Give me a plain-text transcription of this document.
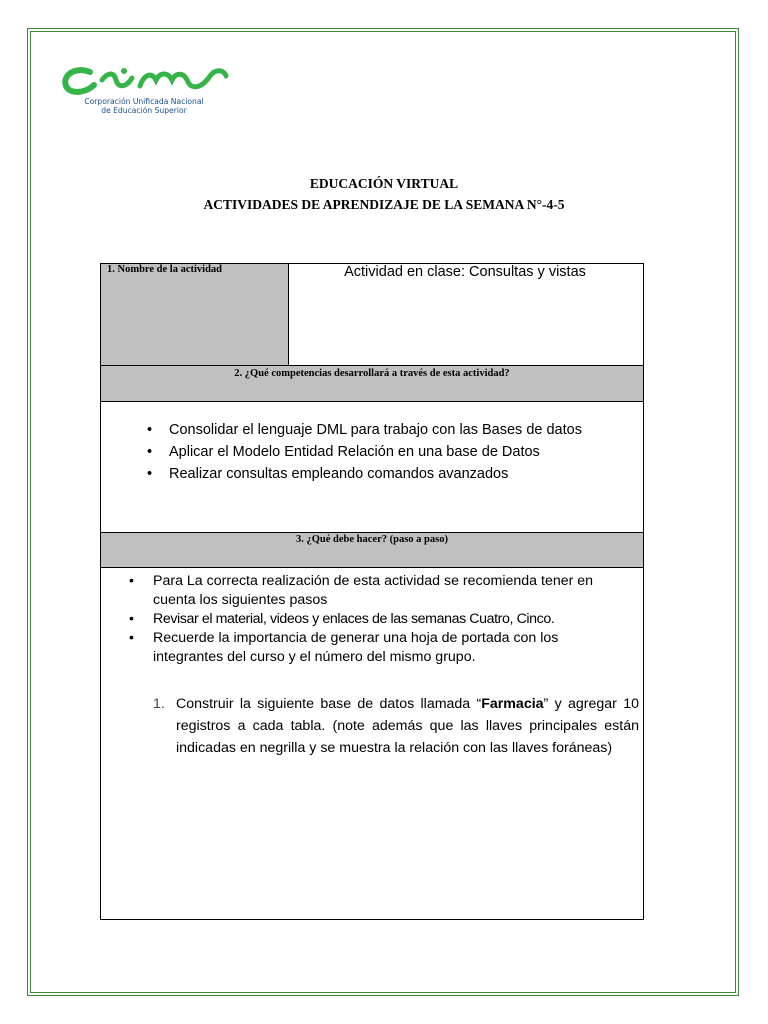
Corporación Unificada Nacional
de Educación Superior
EDUCACIÓN VIRTUAL
ACTIVIDADES DE APRENDIZAJE DE LA SEMANA N°-4-5
1. Nombre de la actividad	Actividad en clase: Consultas y vistas
2. ¿Qué competencias desarrollará a través de esta actividad?
• Consolidar el lenguaje DML para trabajo con las Bases de datos
• Aplicar el Modelo Entidad Relación en una base de Datos
• Realizar consultas empleando comandos avanzados
3. ¿Qué debe hacer? (paso a paso)
• Para La correcta realización de esta actividad se recomienda tener en cuenta los siguientes pasos
• Revisar el material, videos y enlaces de las semanas Cuatro, Cinco.
• Recuerde la importancia de generar una hoja de portada con los integrantes del curso y el número del mismo grupo.
1. Construir la siguiente base de datos llamada “Farmacia” y agregar 10 registros a cada tabla. (note además que las llaves principales están indicadas en negrilla y se muestra la relación con las llaves foráneas)
